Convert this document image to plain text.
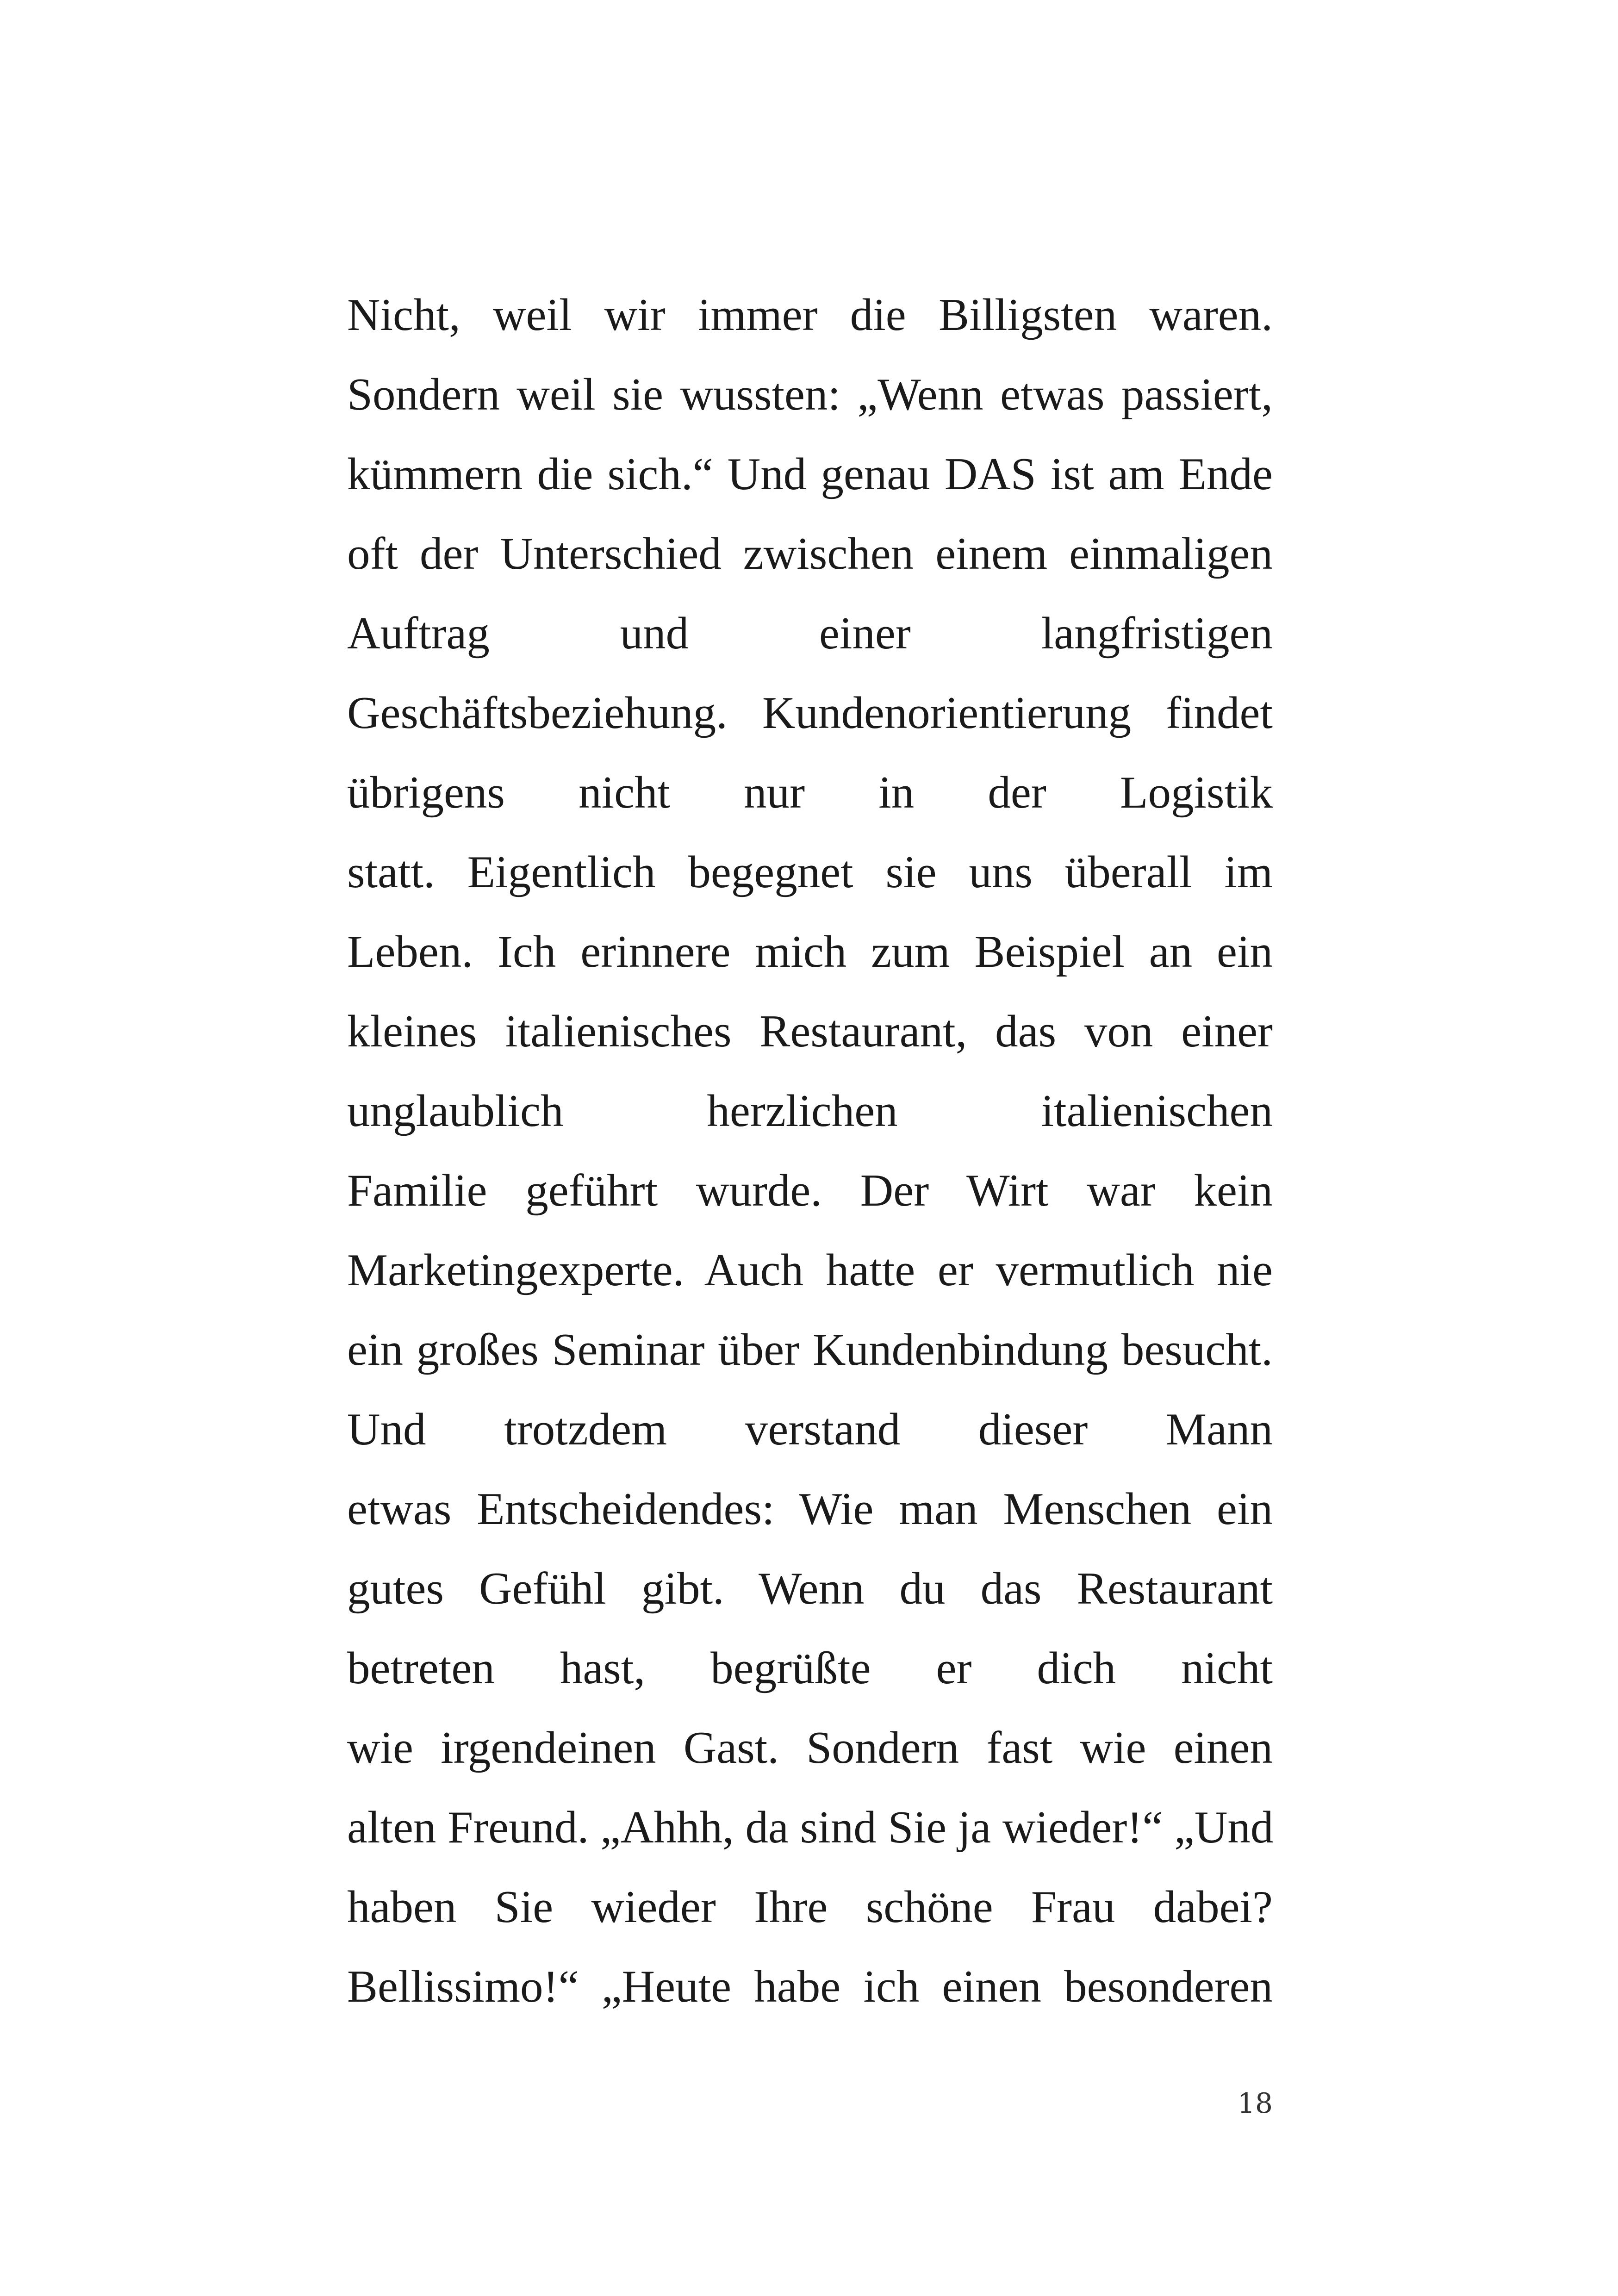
Nicht, weil wir immer die Billigsten waren.
Sondern weil sie wussten: „Wenn etwas passiert,
kümmern die sich.“ Und genau DAS ist am Ende
oft der Unterschied zwischen einem einmaligen
Auftrag und einer langfristigen
Geschäftsbeziehung. Kundenorientierung findet
übrigens nicht nur in der Logistik
statt. Eigentlich begegnet sie uns überall im
Leben. Ich erinnere mich zum Beispiel an ein
kleines italienisches Restaurant, das von einer
unglaublich herzlichen italienischen
Familie geführt wurde. Der Wirt war kein
Marketingexperte. Auch hatte er vermutlich nie
ein großes Seminar über Kundenbindung besucht.
Und trotzdem verstand dieser Mann
etwas Entscheidendes: Wie man Menschen ein
gutes Gefühl gibt. Wenn du das Restaurant
betreten hast, begrüßte er dich nicht
wie irgendeinen Gast. Sondern fast wie einen
alten Freund. „Ahhh, da sind Sie ja wieder!“ „Und
haben Sie wieder Ihre schöne Frau dabei?
Bellissimo!“ „Heute habe ich einen besonderen
18
